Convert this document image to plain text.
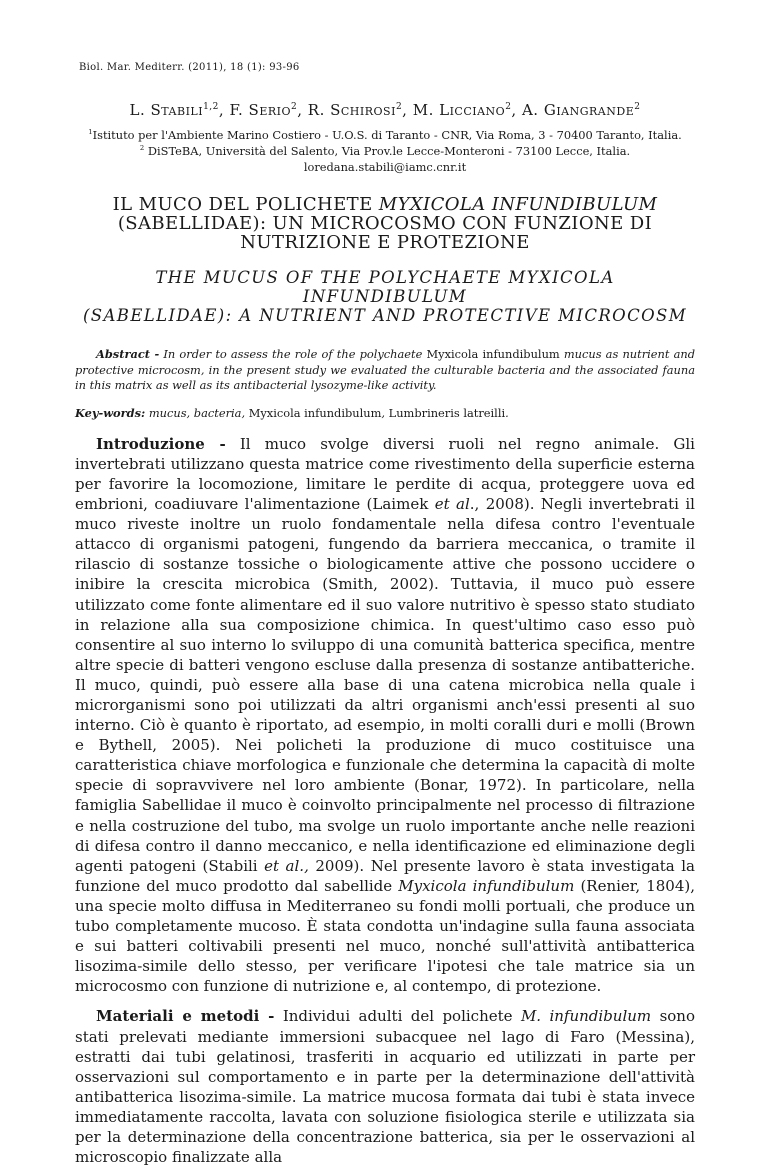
Biol. Mar. Mediterr. (2011), 18 (1): 93-96
L. Stabili$^{1,2}$, F. Serio$^2$, R. Schirosi$^2$, M. Licciano$^2$, A. Giangrande$^2$
$^1$Istituto per l'Ambiente Marino Costiero - U.O.S. di Taranto - CNR, Via Roma, 3 - 70400 Taranto, Italia.
$^2$ DiSTeBA, Università del Salento, Via Prov.le Lecce-Monteroni - 73100 Lecce, Italia.
loredana.stabili@iamc.cnr.it
IL MUCO DEL POLICHETE MYXICOLA INFUNDIBULUM
(SABELLIDAE): UN MICROCOSMO CON FUNZIONE DI
NUTRIZIONE E PROTEZIONE
THE MUCUS OF THE POLYCHAETE MYXICOLA INFUNDIBULUM
(SABELLIDAE): A NUTRIENT AND PROTECTIVE MICROCOSM

Abstract - In order to assess the role of the polychaete Myxicola infundibulum mucus as nutrient and protective microcosm, in the present study we evaluated the culturable bacteria and the associated fauna in this matrix as well as its antibacterial lysozyme-like activity.

Key-words: mucus, bacteria, Myxicola infundibulum, Lumbrineris latreilli.

Introduzione - Il muco svolge diversi ruoli nel regno animale. Gli invertebrati utilizzano questa matrice come rivestimento della superficie esterna per favorire la locomozione, limitare le perdite di acqua, proteggere uova ed embrioni, coadiuvare l'alimentazione (Laimek et al., 2008). Negli invertebrati il muco riveste inoltre un ruolo fondamentale nella difesa contro l'eventuale attacco di organismi patogeni, fungendo da barriera meccanica, o tramite il rilascio di sostanze tossiche o biologicamente attive che possono uccidere o inibire la crescita microbica (Smith, 2002). Tuttavia, il muco può essere utilizzato come fonte alimentare ed il suo valore nutritivo è spesso stato studiato in relazione alla sua composizione chimica. In quest'ultimo caso esso può consentire al suo interno lo sviluppo di una comunità batterica specifica, mentre altre specie di batteri vengono escluse dalla presenza di sostanze antibatteriche. Il muco, quindi, può essere alla base di una catena microbica nella quale i microrganismi sono poi utilizzati da altri organismi anch'essi presenti al suo interno. Ciò è quanto è riportato, ad esempio, in molti coralli duri e molli (Brown e Bythell, 2005). Nei policheti la produzione di muco costituisce una caratteristica chiave morfologica e funzionale che determina la capacità di molte specie di sopravvivere nel loro ambiente (Bonar, 1972). In particolare, nella famiglia Sabellidae il muco è coinvolto principalmente nel processo di filtrazione e nella costruzione del tubo, ma svolge un ruolo importante anche nelle reazioni di difesa contro il danno meccanico, e nella identificazione ed eliminazione degli agenti patogeni (Stabili et al., 2009). Nel presente lavoro è stata investigata la funzione del muco prodotto dal sabellide Myxicola infundibulum (Renier, 1804), una specie molto diffusa in Mediterraneo su fondi molli portuali, che produce un tubo completamente mucoso. È stata condotta un'indagine sulla fauna associata e sui batteri coltivabili presenti nel muco, nonché sull'attività antibatterica lisozima-simile dello stesso, per verificare l'ipotesi che tale matrice sia un microcosmo con funzione di nutrizione e, al contempo, di protezione.

Materiali e metodi - Individui adulti del polichete M. infundibulum sono stati prelevati mediante immersioni subacquee nel lago di Faro (Messina), estratti dai tubi gelatinosi, trasferiti in acquario ed utilizzati in parte per osservazioni sul comportamento e in parte per la determinazione dell'attività antibatterica lisozima-simile. La matrice mucosa formata dai tubi è stata invece immediatamente raccolta, lavata con soluzione fisiologica sterile e utilizzata sia per la determinazione della concentrazione batterica, sia per le osservazioni al microscopio finalizzate alla
